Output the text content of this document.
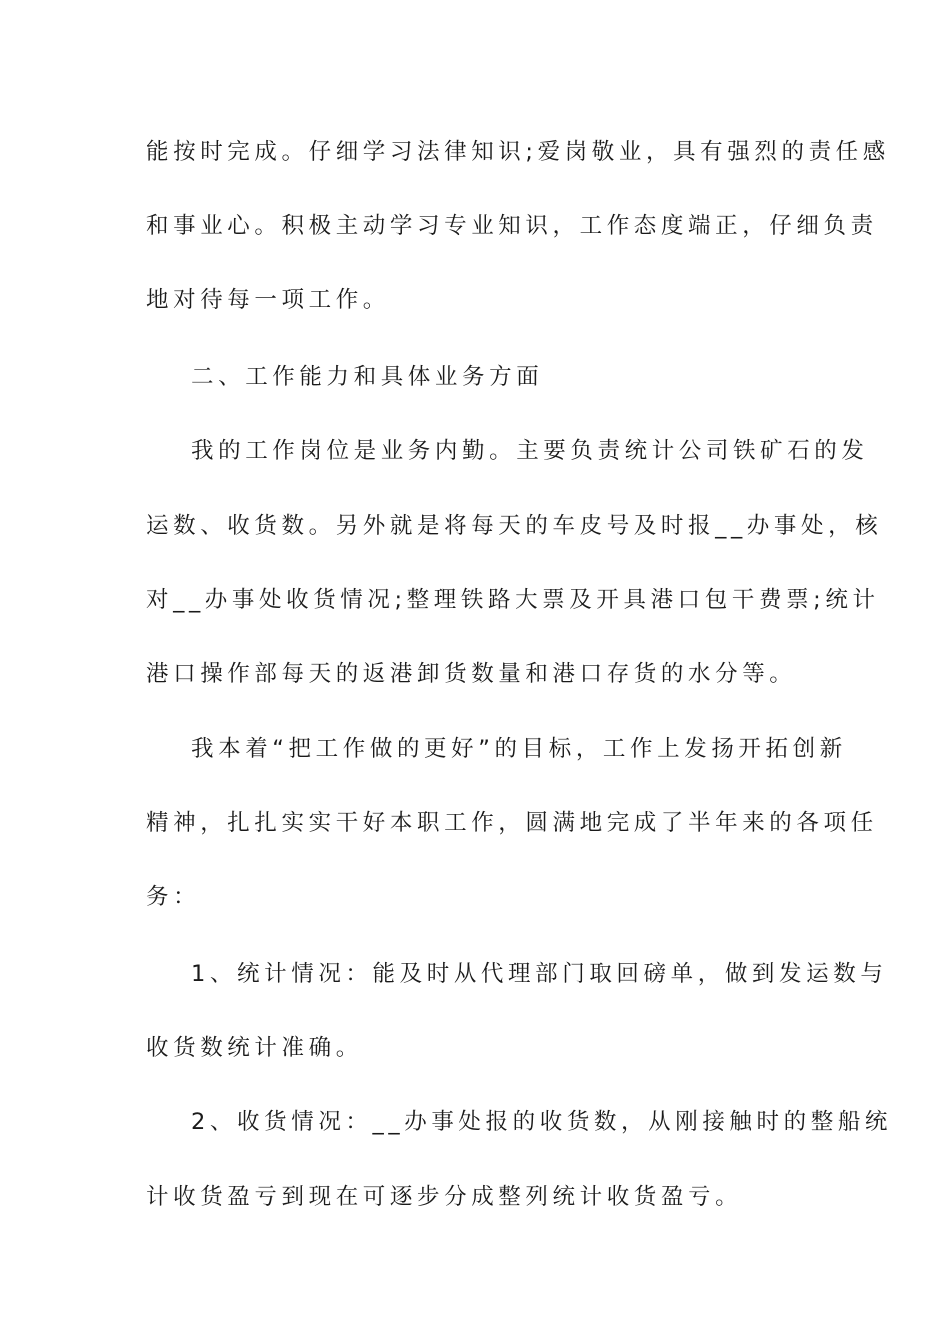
能按时完成。仔细学习法律知识;爱岗敬业，具有强烈的责任感
和事业心。积极主动学习专业知识，工作态度端正，仔细负责
地对待每一项工作。
二、工作能力和具体业务方面
我的工作岗位是业务内勤。主要负责统计公司铁矿石的发
运数、收货数。另外就是将每天的车皮号及时报__办事处，核
对__办事处收货情况;整理铁路大票及开具港口包干费票;统计
港口操作部每天的返港卸货数量和港口存货的水分等。
我本着“把工作做的更好”的目标，工作上发扬开拓创新
精神，扎扎实实干好本职工作，圆满地完成了半年来的各项任
务：
1、统计情况：能及时从代理部门取回磅单，做到发运数与
收货数统计准确。
2、收货情况：__办事处报的收货数，从刚接触时的整船统
计收货盈亏到现在可逐步分成整列统计收货盈亏。
